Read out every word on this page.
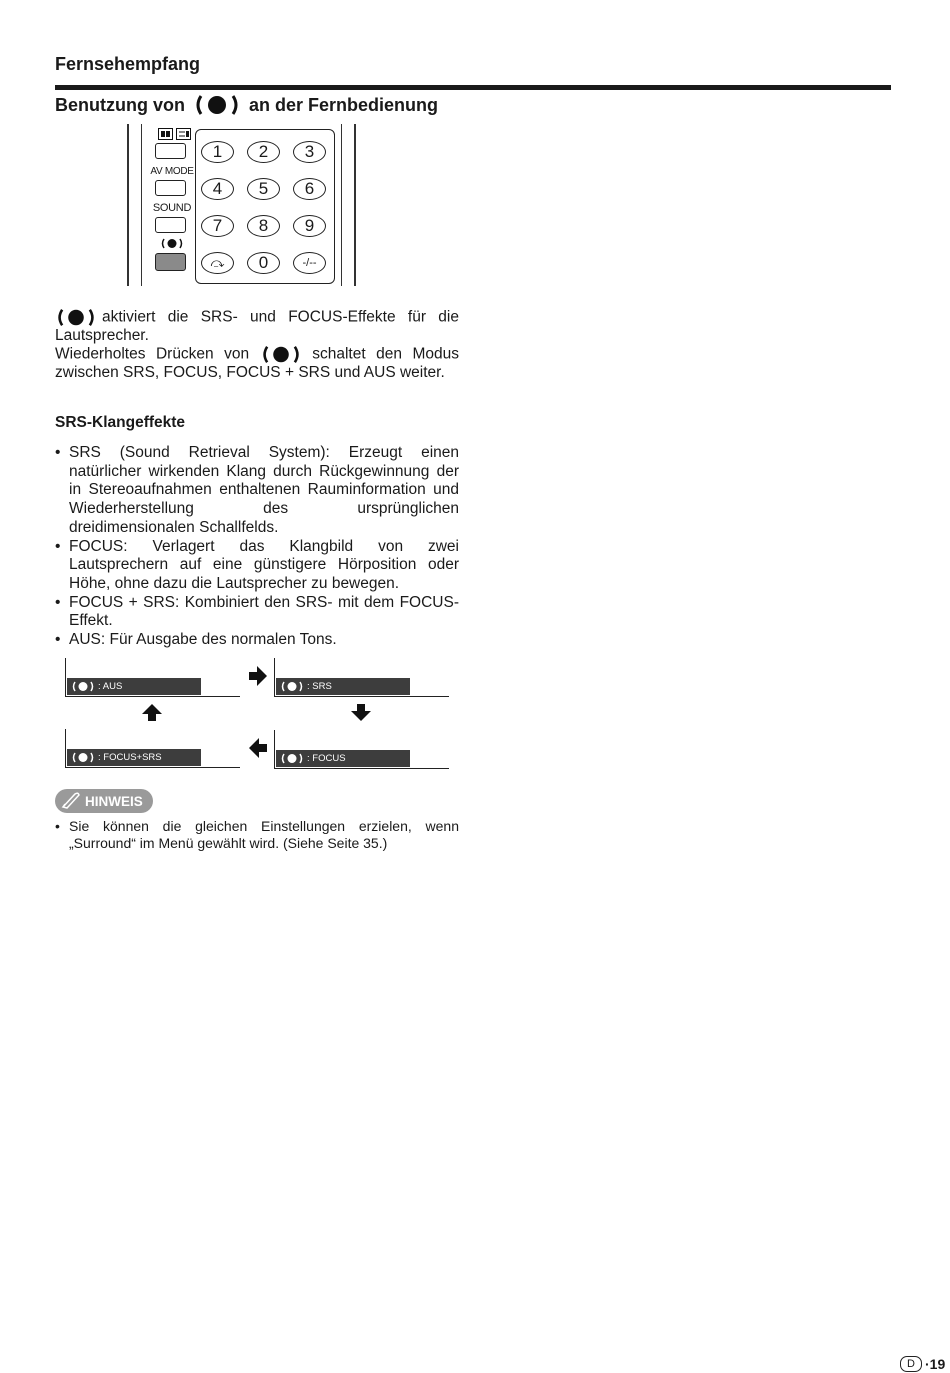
Fernsehempfang
Benutzung von	an der Fernbedienung
AV MODE
SOUND
1	2	3
4	5	6
7	8	9
⤼	0	-/--

aktiviert die SRS- und FOCUS-Effekte für die Lautsprecher.

Wiederholtes Drücken von	schaltet den Modus zwischen SRS, FOCUS, FOCUS + SRS und AUS weiter.

SRS-Klangeffekte
• SRS (Sound Retrieval System): Erzeugt einen natürlicher wirkenden Klang durch Rückgewinnung der in Stereoaufnahmen enthaltenen Rauminformation und Wiederherstellung des ursprünglichen dreidimensionalen Schallfelds.
• FOCUS: Verlagert das Klangbild von zwei Lautsprechern auf eine günstigere Hörposition oder Höhe, ohne dazu die Lautsprecher zu bewegen.
• FOCUS + SRS: Kombiniert den SRS- mit dem FOCUS-Effekt.
• AUS: Für Ausgabe des normalen Tons.
: AUS	: SRS
: FOCUS+SRS	: FOCUS
HINWEIS
• Sie können die gleichen Einstellungen erzielen, wenn „Surround“ im Menü gewählt wird. (Siehe Seite 35.)
D ·19
